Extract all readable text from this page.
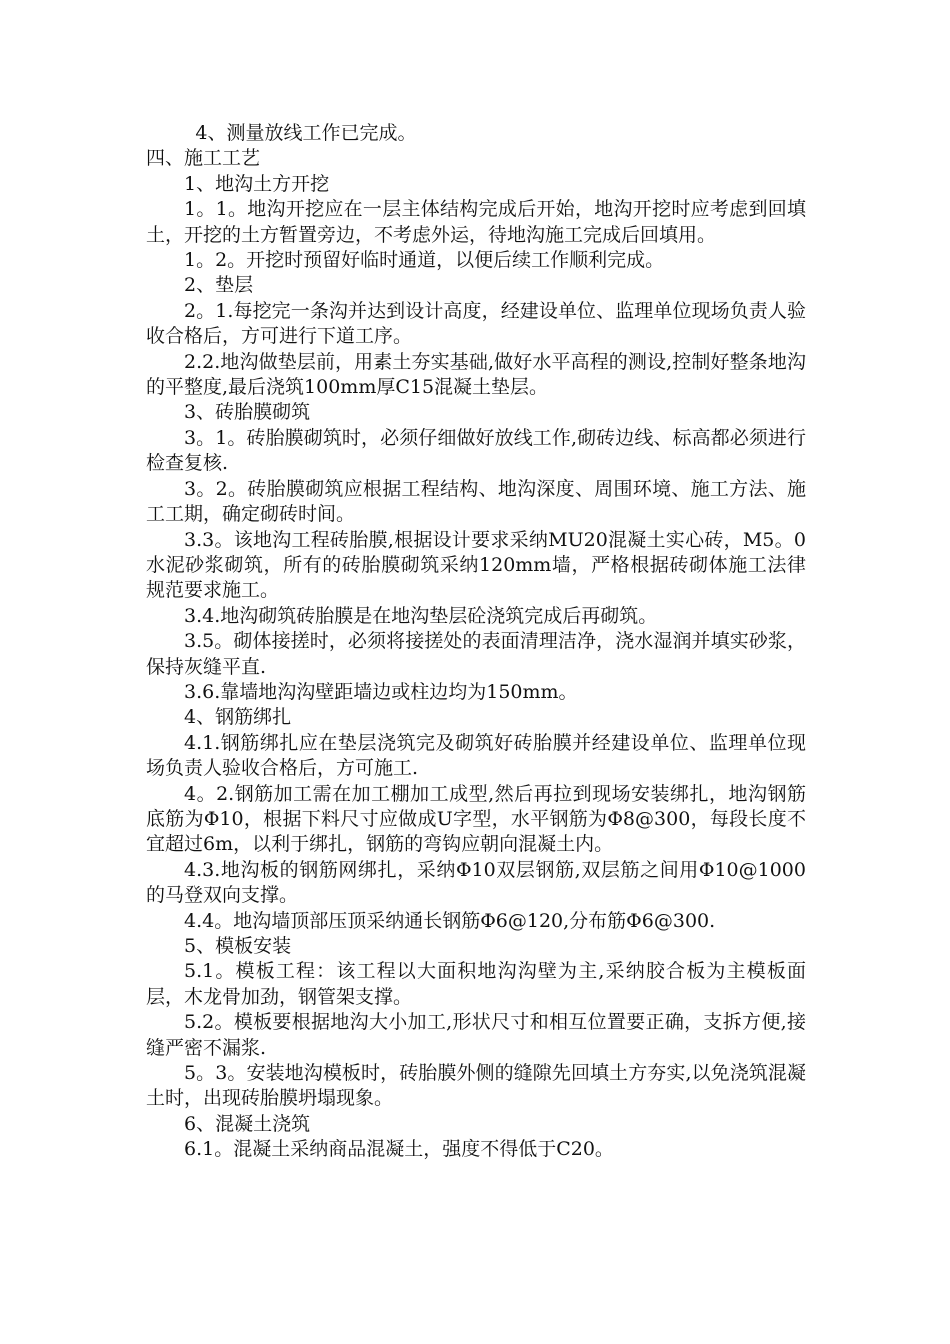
4、测量放线工作已完成。

四、施工工艺

1、地沟土方开挖

1。1。地沟开挖应在一层主体结构完成后开始，地沟开挖时应考虑到回填土，开挖的土方暂置旁边，不考虑外运，待地沟施工完成后回填用。

1。2。开挖时预留好临时通道，以便后续工作顺利完成。

2、垫层

2。1.每挖完一条沟并达到设计高度，经建设单位、监理单位现场负责人验收合格后，方可进行下道工序。

2.2.地沟做垫层前，用素土夯实基础,做好水平高程的测设,控制好整条地沟的平整度,最后浇筑100mm厚C15混凝土垫层。

3、砖胎膜砌筑

3。1。砖胎膜砌筑时，必须仔细做好放线工作,砌砖边线、标高都必须进行检查复核.

3。2。砖胎膜砌筑应根据工程结构、地沟深度、周围环境、施工方法、施工工期，确定砌砖时间。

3.3。该地沟工程砖胎膜,根据设计要求采纳MU20混凝土实心砖，M5。0水泥砂浆砌筑，所有的砖胎膜砌筑采纳120mm墙，严格根据砖砌体施工法律规范要求施工。

3.4.地沟砌筑砖胎膜是在地沟垫层砼浇筑完成后再砌筑。

3.5。砌体接搓时，必须将接搓处的表面清理洁净，浇水湿润并填实砂浆，保持灰缝平直.

3.6.靠墙地沟沟壁距墙边或柱边均为150mm。

4、钢筋绑扎

4.1.钢筋绑扎应在垫层浇筑完及砌筑好砖胎膜并经建设单位、监理单位现场负责人验收合格后，方可施工.

4。2.钢筋加工需在加工棚加工成型,然后再拉到现场安装绑扎，地沟钢筋底筋为Φ10，根据下料尺寸应做成U字型，水平钢筋为Φ8@300，每段长度不宜超过6m，以利于绑扎，钢筋的弯钩应朝向混凝土内。

4.3.地沟板的钢筋网绑扎，采纳Φ10双层钢筋,双层筋之间用Φ10@1000的马登双向支撑。

4.4。地沟墙顶部压顶采纳通长钢筋Φ6@120,分布筋Φ6@300.

5、模板安装

5.1。模板工程：该工程以大面积地沟沟壁为主,采纳胶合板为主模板面层，木龙骨加劲，钢管架支撑。

5.2。模板要根据地沟大小加工,形状尺寸和相互位置要正确，支拆方便,接缝严密不漏浆.

5。3。安装地沟模板时，砖胎膜外侧的缝隙先回填土方夯实,以免浇筑混凝土时，出现砖胎膜坍塌现象。

6、混凝土浇筑

6.1。混凝土采纳商品混凝土，强度不得低于C20。
